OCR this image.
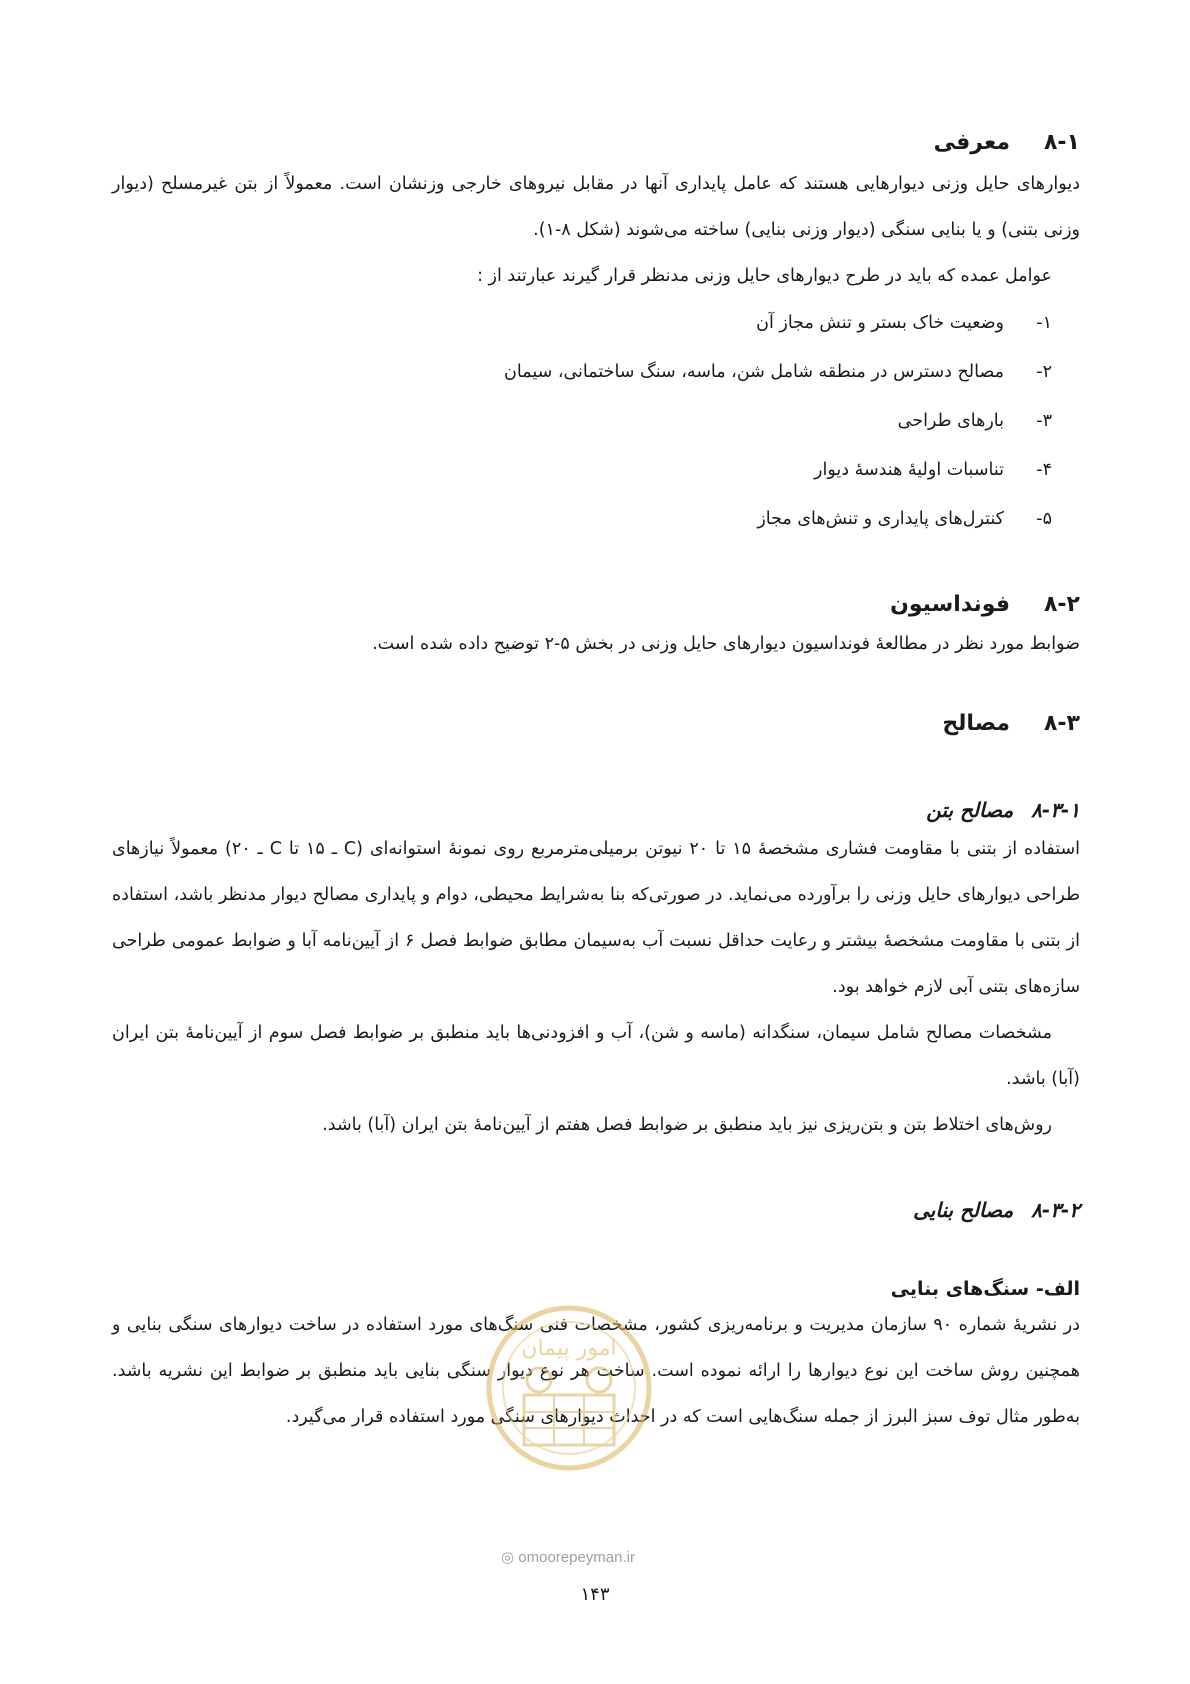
۸-۱
معرفی

دیوارهای حایل وزنی دیوارهایی هستند که عامل پایداری آنها در مقابل نیروهای خارجی وزنشان است. معمولاً از بتن غیرمسلح (دیوار وزنی بتنی) و یا بنایی سنگی (دیوار وزنی بنایی) ساخته می‌شوند (شکل ۸-۱).

عوامل عمده که باید در طرح دیوارهای حایل وزنی مدنظر قرار گیرند عبارتند از :

۱-
وضعیت خاک بستر و تنش مجاز آن
۲-
مصالح دسترس در منطقه شامل شن، ماسه، سنگ ساختمانی، سیمان
۳-
بارهای طراحی
۴-
تناسبات اولیهٔ هندسهٔ دیوار
۵-
کنترل‌های پایداری و تنش‌های مجاز
۸-۲
فونداسیون

ضوابط مورد نظر در مطالعهٔ فونداسیون دیوارهای حایل وزنی در بخش ۵-۲ توضیح داده شده است.

۸-۳
مصالح
۸-۳-۱
مصالح بتن

استفاده از بتنی با مقاومت فشاری مشخصهٔ ۱۵ تا ۲۰ نیوتن برمیلی‌مترمربع روی نمونهٔ استوانه‌ای (C ـ ۱۵ تا C ـ ۲۰) معمولاً نیازهای طراحی دیوارهای حایل وزنی را برآورده می‌نماید. در صورتی‌که بنا به‌شرایط محیطی، دوام و پایداری مصالح دیوار مدنظر باشد، استفاده از بتنی با مقاومت مشخصهٔ بیشتر و رعایت حداقل نسبت آب به‌سیمان مطابق ضوابط فصل ۶ از آیین‌نامه آبا و ضوابط عمومی طراحی سازه‌های بتنی آبی لازم خواهد بود.

مشخصات مصالح شامل سیمان، سنگدانه (ماسه و شن)، آب و افزودنی‌ها باید منطبق بر ضوابط فصل سوم از آیین‌نامهٔ بتن ایران (آبا) باشد.

روش‌های اختلاط بتن و بتن‌ریزی نیز باید منطبق بر ضوابط فصل هفتم از آیین‌نامهٔ بتن ایران (آبا) باشد.

۸-۳-۲
مصالح بنایی
الف- سنگ‌های بنایی

در نشریهٔ شماره ۹۰ سازمان مدیریت و برنامه‌ریزی کشور، مشخصات فنی سنگ‌های مورد استفاده در ساخت دیوارهای سنگی بنایی و همچنین روش ساخت این نوع دیوارها را ارائه نموده است. ساخت هر نوع دیوار سنگی بنایی باید منطبق بر ضوابط این نشریه باشد. به‌طور مثال توف سبز البرز از جمله سنگ‌هایی است که در احداث دیوارهای سنگی مورد استفاده قرار می‌گیرد.

امور پیمان
◎ omoorepeyman.ir
۱۴۳
